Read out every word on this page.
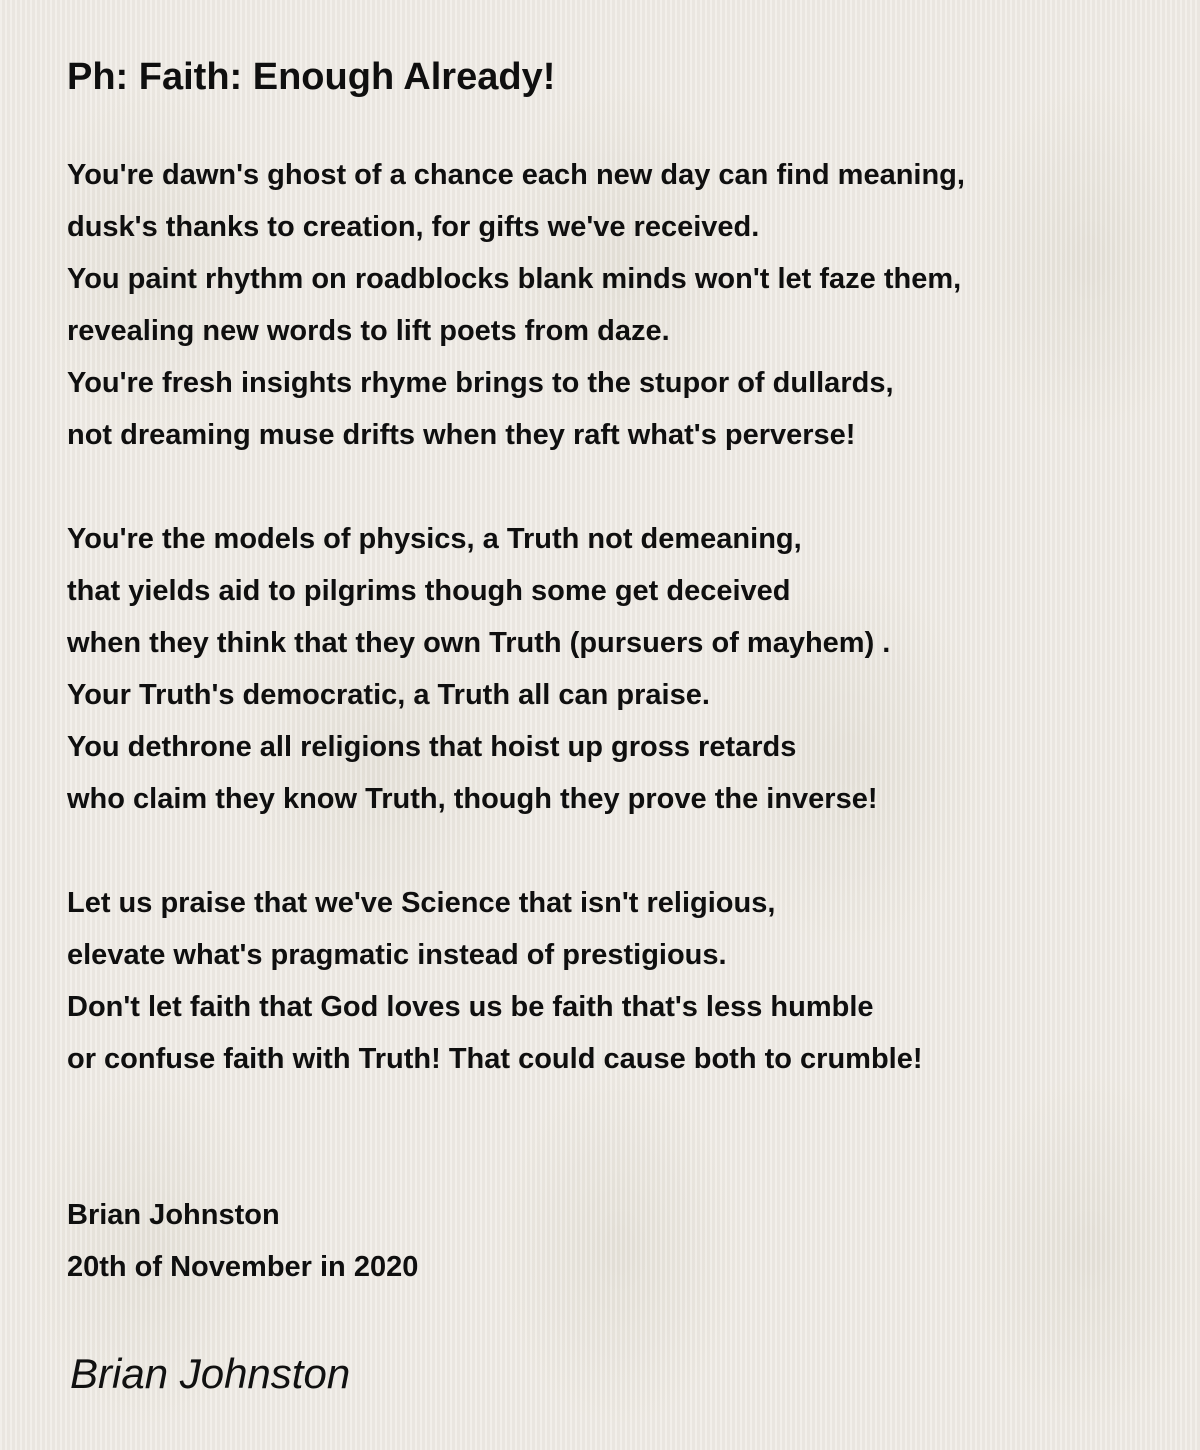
Ph: Faith: Enough Already!
You're dawn's ghost of a chance each new day can find meaning,
dusk's thanks to creation, for gifts we've received.
You paint rhythm on roadblocks blank minds won't let faze them,
revealing new words to lift poets from daze.
You're fresh insights rhyme brings to the stupor of dullards,
not dreaming muse drifts when they raft what's perverse!
You're the models of physics, a Truth not demeaning,
that yields aid to pilgrims though some get deceived
when they think that they own Truth (pursuers of mayhem) .
Your Truth's democratic, a Truth all can praise.
You dethrone all religions that hoist up gross retards
who claim they know Truth, though they prove the inverse!
Let us praise that we've Science that isn't religious,
elevate what's pragmatic instead of prestigious.
Don't let faith that God loves us be faith that's less humble
or confuse faith with Truth! That could cause both to crumble!
Brian Johnston
20th of November in 2020
Brian Johnston
